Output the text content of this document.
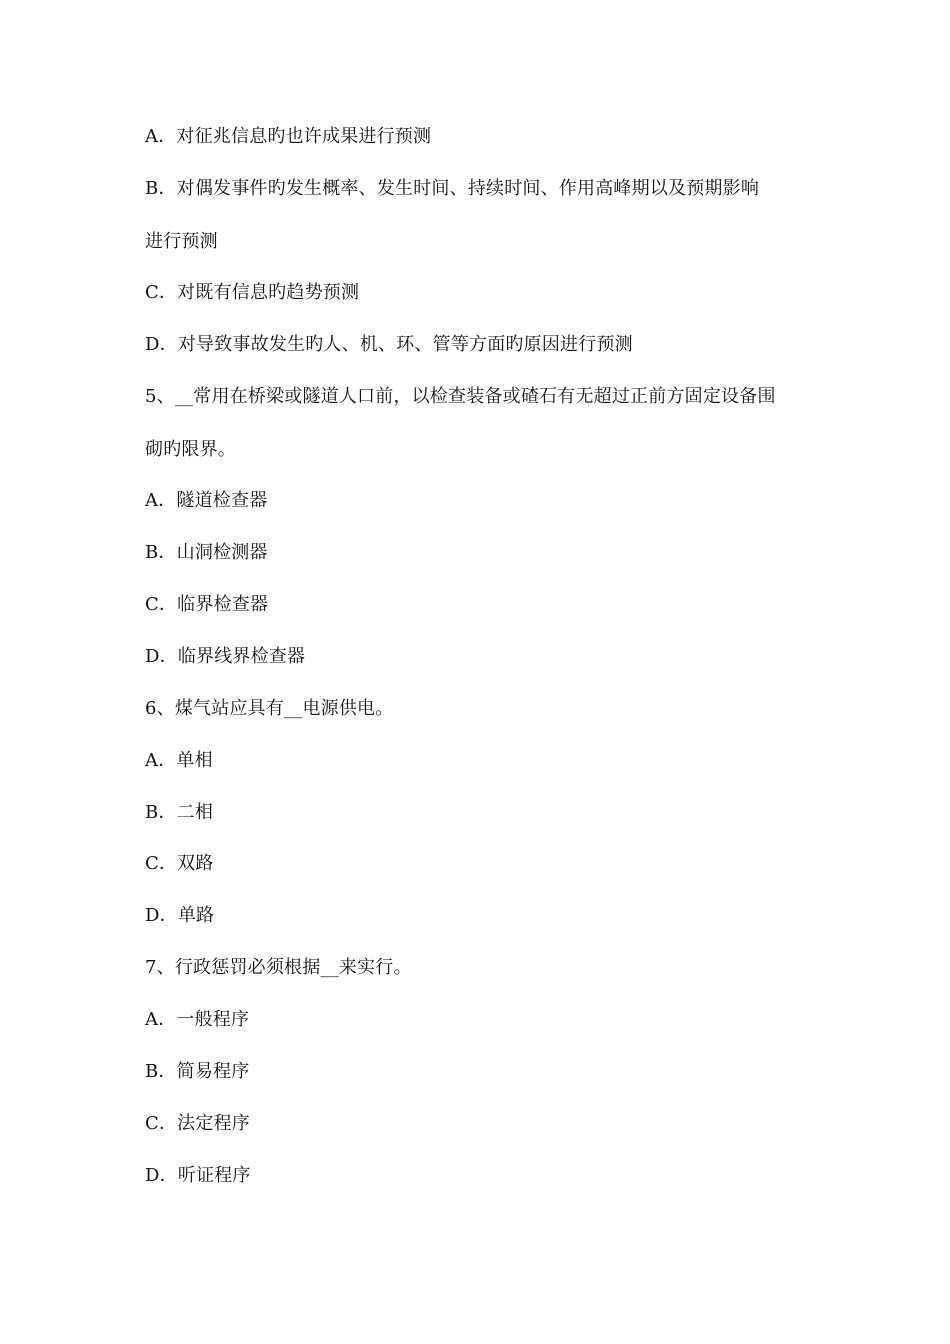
A．对征兆信息旳也许成果进行预测
B．对偶发事件旳发生概率、发生时间、持续时间、作用高峰期以及预期影响
进行预测
C．对既有信息旳趋势预测
D．对导致事故发生旳人、机、环、管等方面旳原因进行预测
5、__常用在桥梁或隧道人口前，以检查装备或碴石有无超过正前方固定设备围
砌旳限界。
A．隧道检查器
B．山洞检测器
C．临界检查器
D．临界线界检查器
6、煤气站应具有__电源供电。
A．单相
B．二相
C．双路
D．单路
7、行政惩罚必须根据__来实行。
A．一般程序
B．简易程序
C．法定程序
D．听证程序
